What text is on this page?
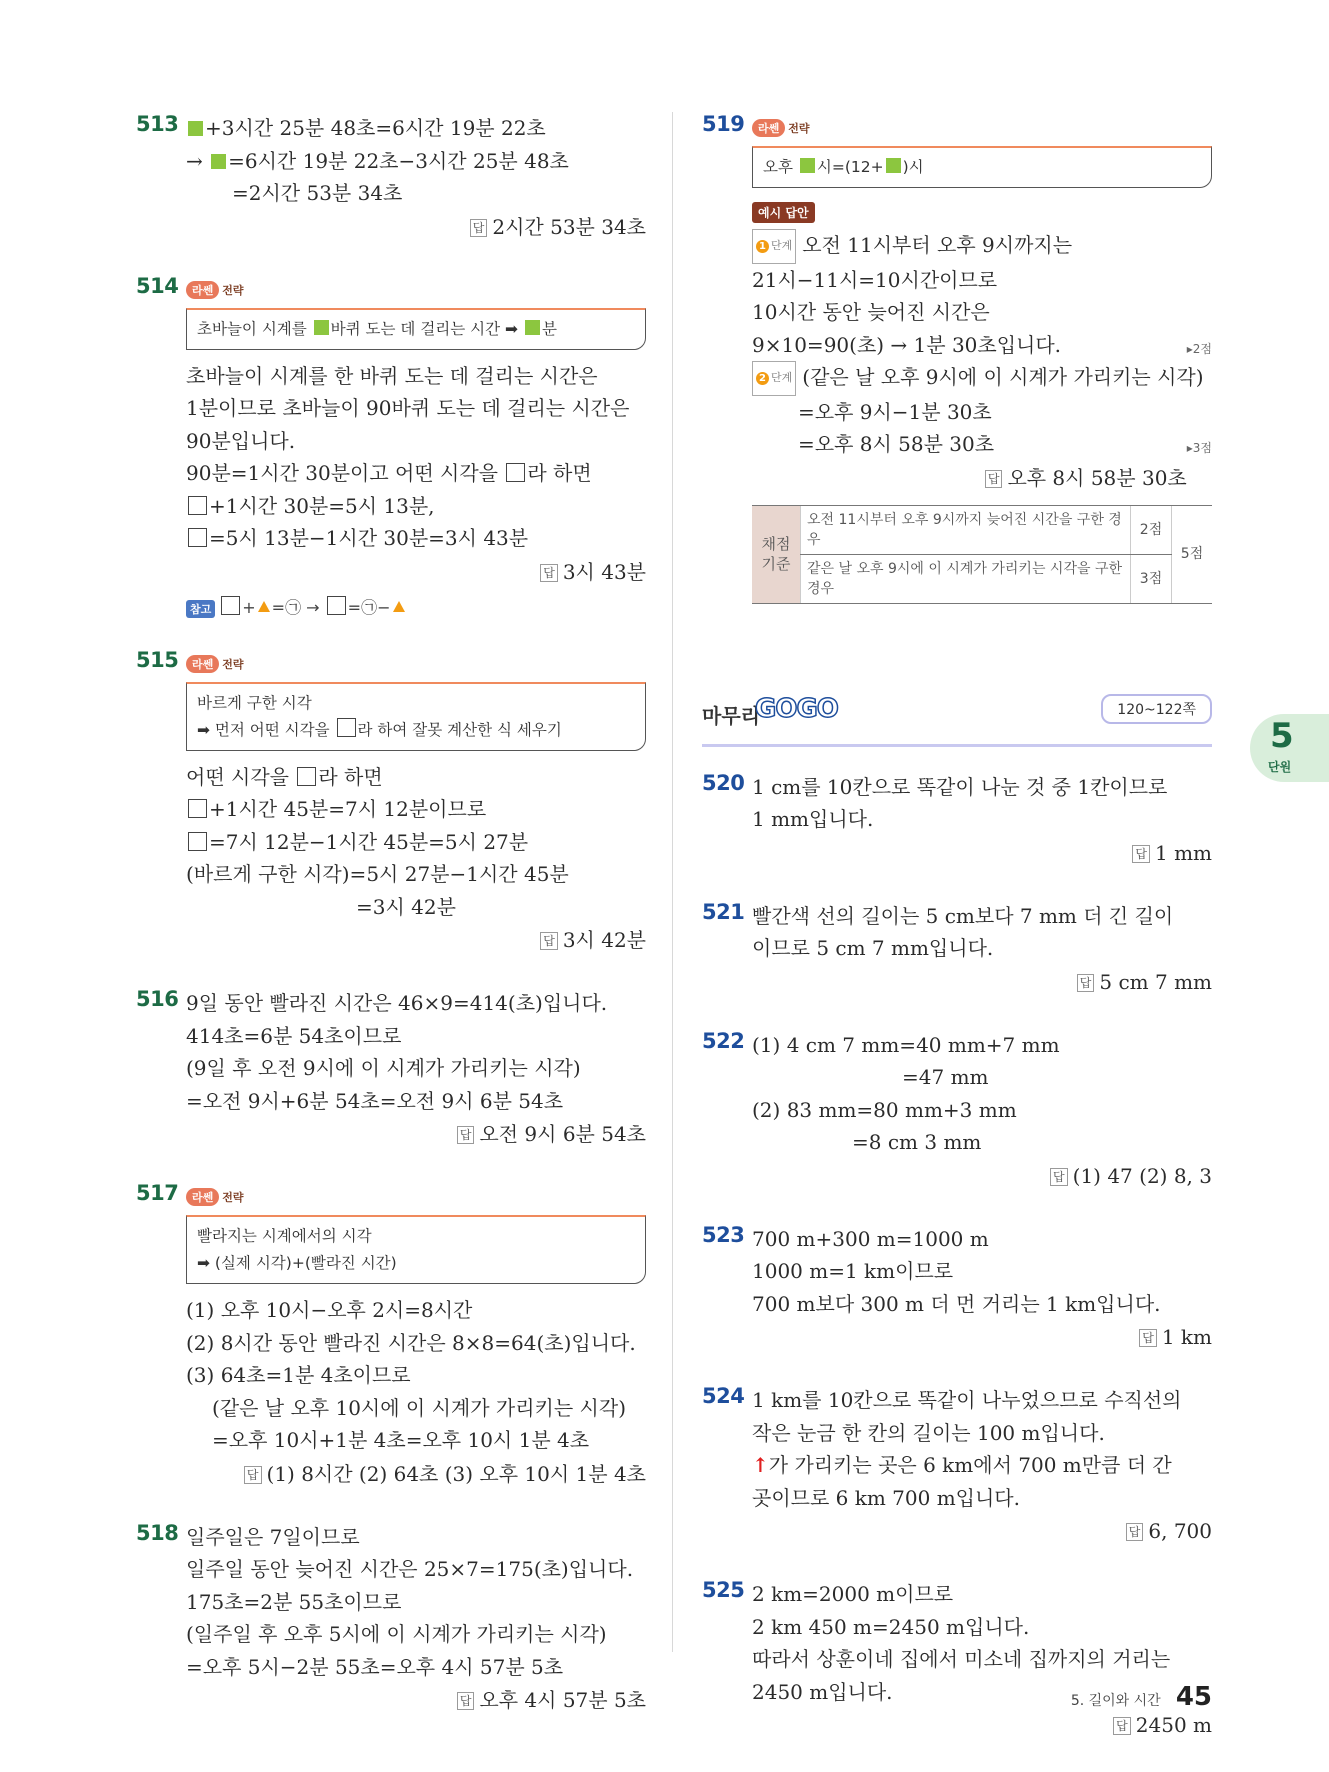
5
단원
513	+3시간 25분 48초=6시간 19분 22초
→ =6시간 19분 22초−3시간 25분 48초
=2시간 53분 34초
답 2시간 53분 34초
514	라쎈 전략
초바늘이 시계를 바퀴 도는 데 걸리는 시간 ➡ 분
초바늘이 시계를 한 바퀴 도는 데 걸리는 시간은
1분이므로 초바늘이 90바퀴 도는 데 걸리는 시간은
90분입니다.
90분=1시간 30분이고 어떤 시각을 라 하면
+1시간 30분=5시 13분,
=5시 13분−1시간 30분=3시 43분
답 3시 43분
참고 + =㉠ → =㉠−
515	라쎈 전략
바르게 구한 시각
➡ 먼저 어떤 시각을 라 하여 잘못 계산한 식 세우기
어떤 시각을 라 하면
+1시간 45분=7시 12분이므로
=7시 12분−1시간 45분=5시 27분
(바르게 구한 시각)=5시 27분−1시간 45분
=3시 42분
답 3시 42분
516 9일 동안 빨라진 시간은 46×9=414(초)입니다.
414초=6분 54초이므로
(9일 후 오전 9시에 이 시계가 가리키는 시각)
=오전 9시+6분 54초=오전 9시 6분 54초
답 오전 9시 6분 54초
517	라쎈 전략
빨라지는 시계에서의 시각
➡ (실제 시각)+(빨라진 시간)
(1) 오후 10시−오후 2시=8시간
(2) 8시간 동안 빨라진 시간은 8×8=64(초)입니다.
(3) 64초=1분 4초이므로
(같은 날 오후 10시에 이 시계가 가리키는 시각)
=오후 10시+1분 4초=오후 10시 1분 4초
답 (1) 8시간 (2) 64초 (3) 오후 10시 1분 4초
518 일주일은 7일이므로
일주일 동안 늦어진 시간은 25×7=175(초)입니다.
175초=2분 55초이므로
(일주일 후 오후 5시에 이 시계가 가리키는 시각)
=오후 5시−2분 55초=오후 4시 57분 5초
답 오후 4시 57분 5초
519	라쎈 전략
오후 시=(12+ )시
예시 답안
1 단계 오전 11시부터 오후 9시까지는
21시−11시=10시간이므로
10시간 동안 늦어진 시간은
9×10=90(초) → 1분 30초입니다.	▸2점
2 단계 (같은 날 오후 9시에 이 시계가 가리키는 시각)
=오후 9시−1분 30초
=오후 8시 58분 30초	▸3점
답 오후 8시 58분 30초
채점 기준	오전 11시부터 오후 9시까지 늦어진 시간을 구한 경우	2점	5점
	같은 날 오후 9시에 이 시계가 가리키는 시각을 구한 경우	3점	
마무리
GOGO	120~122쪽
520 1 cm를 10칸으로 똑같이 나눈 것 중 1칸이므로
1 mm입니다.
답 1 mm
521 빨간색 선의 길이는 5 cm보다 7 mm 더 긴 길이
이므로 5 cm 7 mm입니다.
답 5 cm 7 mm
522 (1) 4 cm 7 mm=40 mm+7 mm
=47 mm
(2) 83 mm=80 mm+3 mm
=8 cm 3 mm
답 (1) 47 (2) 8, 3
523 700 m+300 m=1000 m
1000 m=1 km이므로
700 m보다 300 m 더 먼 거리는 1 km입니다.
답 1 km
524 1 km를 10칸으로 똑같이 나누었으므로 수직선의
작은 눈금 한 칸의 길이는 100 m입니다.
↑가 가리키는 곳은 6 km에서 700 m만큼 더 간
곳이므로 6 km 700 m입니다.
답 6, 700
525 2 km=2000 m이므로
2 km 450 m=2450 m입니다.
따라서 상훈이네 집에서 미소네 집까지의 거리는
2450 m입니다.
답 2450 m
5. 길이와 시간 45
